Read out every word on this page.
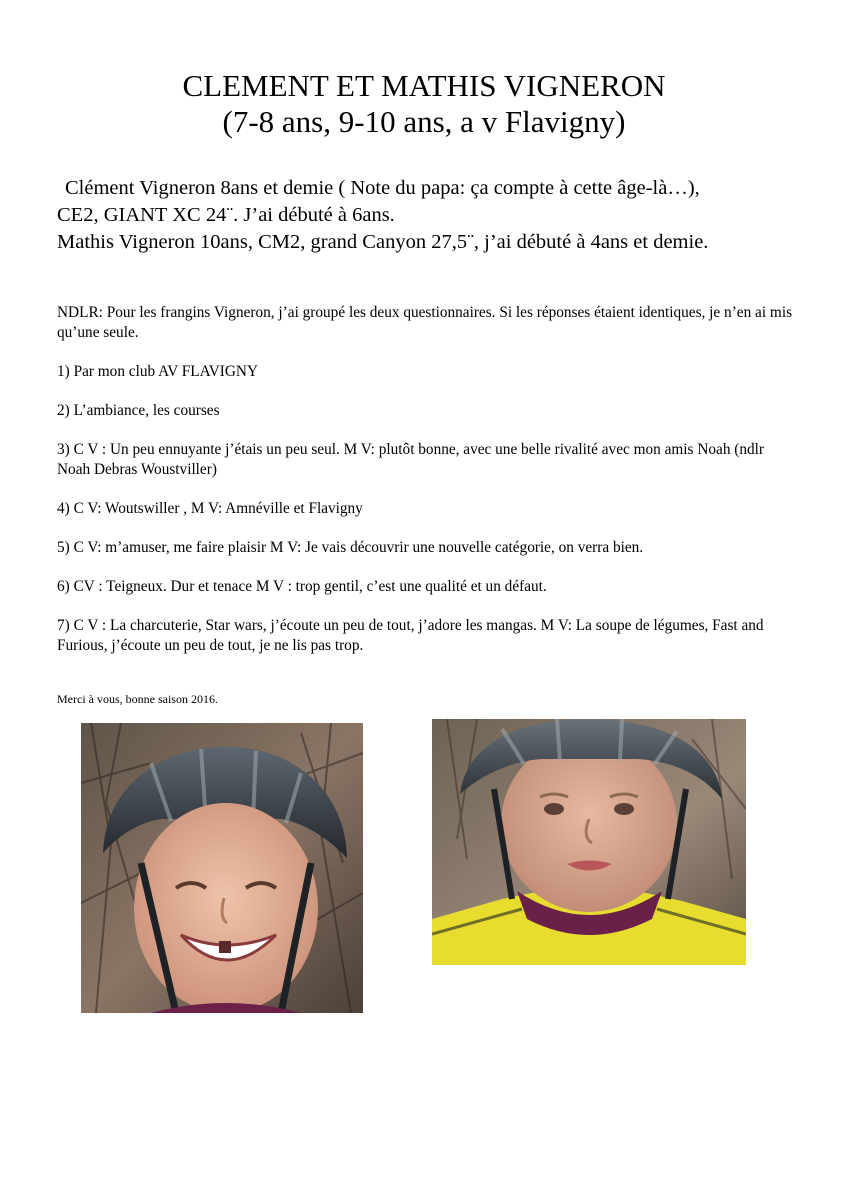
CLEMENT ET MATHIS VIGNERON
(7-8 ans, 9-10 ans, a v Flavigny)

Clément Vigneron 8ans et demie ( Note du papa: ça compte à cette âge-là…),

CE2, GIANT XC 24¨. J’ai débuté à 6ans.

Mathis Vigneron 10ans, CM2, grand Canyon 27,5¨, j’ai débuté à 4ans et demie.

NDLR: Pour les frangins Vigneron, j’ai groupé les deux questionnaires. Si les réponses étaient identiques, je n’en ai mis qu’une seule.

1) Par mon club AV FLAVIGNY

2) L’ambiance, les courses

3) C V : Un peu ennuyante j’étais un peu seul. M V: plutôt bonne, avec une belle rivalité avec mon amis Noah (ndlr Noah Debras Woustviller)

4) C V: Woutswiller , M V: Amnéville et Flavigny

5) C V: m’amuser, me faire plaisir M V: Je vais découvrir une nouvelle catégorie, on verra bien.

6) CV : Teigneux. Dur et tenace M V : trop gentil, c’est une qualité et un défaut.

7) C V : La charcuterie, Star wars, j’écoute un peu de tout, j’adore les mangas. M V: La soupe de légumes, Fast and Furious, j’écoute un peu de tout, je ne lis pas trop.

Merci à vous, bonne saison 2016.
